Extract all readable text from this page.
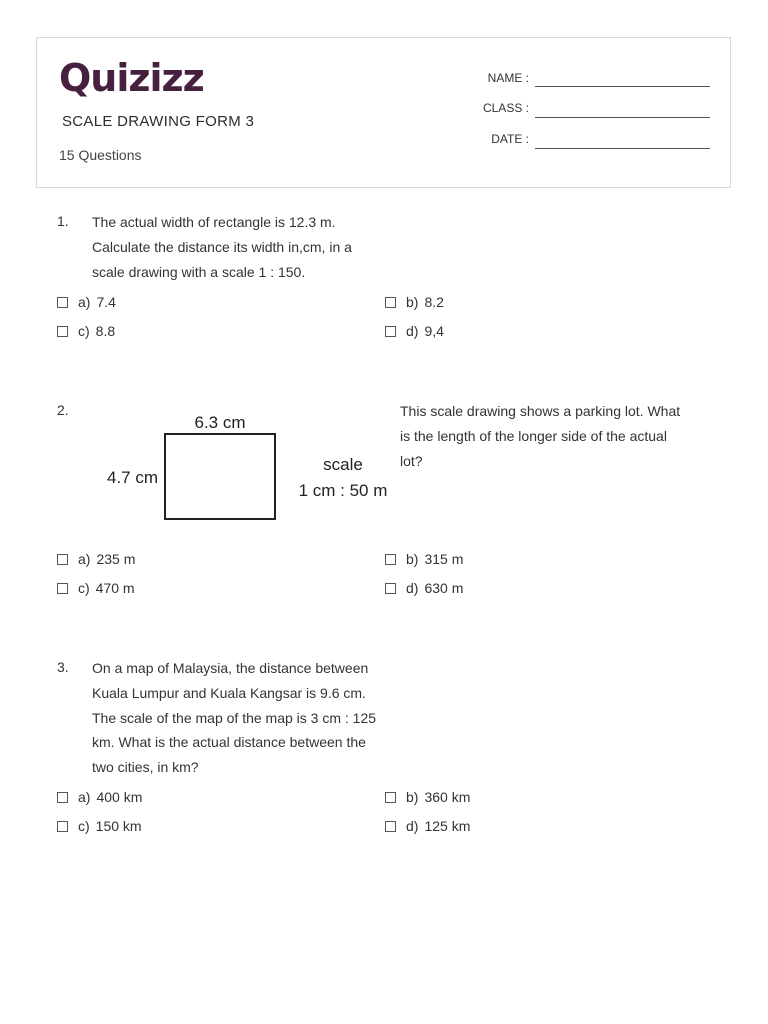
Quizizz
SCALE DRAWING FORM 3
15 Questions
NAME :
CLASS :
DATE :
1. The actual width of rectangle is 12.3 m.
Calculate the distance its width in,cm, in a
scale drawing with a scale 1 : 150.
a) 7.4	b) 8.2
c) 8.8	d) 9,4
2.
6.3 cm
4.7 cm
scale
1 cm : 50 m
This scale drawing shows a parking lot. What
is the length of the longer side of the actual
lot?
a) 235 m	b) 315 m
c) 470 m	d) 630 m
3. On a map of Malaysia, the distance between
Kuala Lumpur and Kuala Kangsar is 9.6 cm.
The scale of the map of the map is 3 cm : 125
km. What is the actual distance between the
two cities, in km?
a) 400 km	b) 360 km
c) 150 km	d) 125 km
